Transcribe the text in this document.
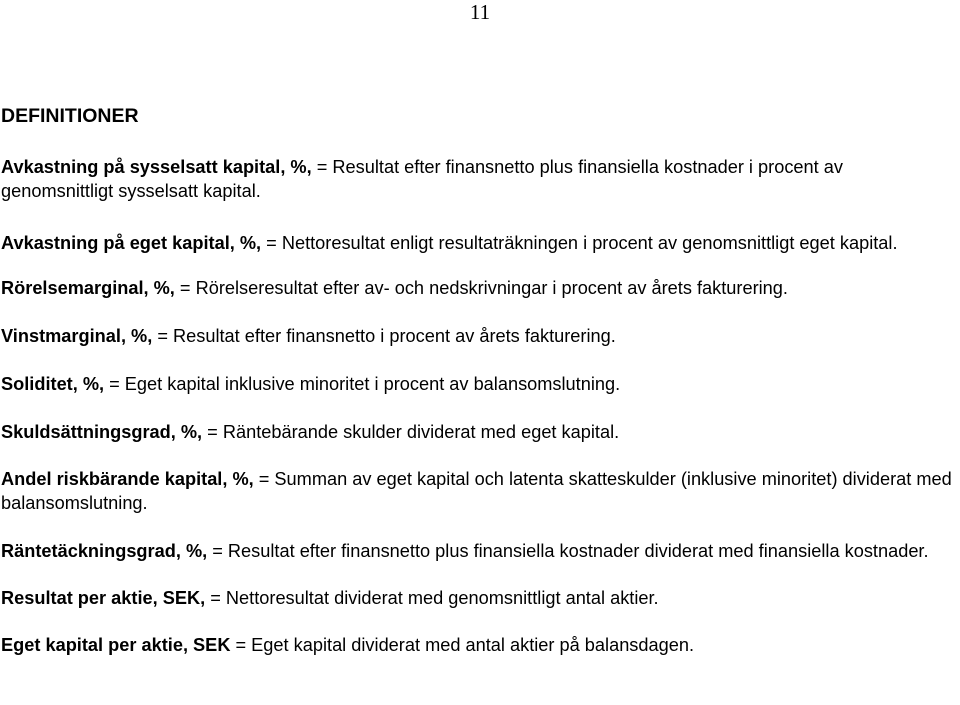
11
DEFINITIONER

Avkastning på sysselsatt kapital, %, = Resultat efter finansnetto plus finansiella kostnader i procent av genomsnittligt sysselsatt kapital.

Avkastning på eget kapital, %, = Nettoresultat enligt resultaträkningen i procent av genomsnittligt eget kapital.

Rörelsemarginal, %, = Rörelseresultat efter av- och nedskrivningar i procent av årets fakturering.

Vinstmarginal, %, = Resultat efter finansnetto i procent av årets fakturering.

Soliditet, %, = Eget kapital inklusive minoritet i procent av balansomslutning.

Skuldsättningsgrad, %, = Räntebärande skulder dividerat med eget kapital.

Andel riskbärande kapital, %, = Summan av eget kapital och latenta skatteskulder (inklusive minoritet) dividerat med balansomslutning.

Räntetäckningsgrad, %, = Resultat efter finansnetto plus finansiella kostnader dividerat med finansiella kostnader.

Resultat per aktie, SEK, = Nettoresultat dividerat med genomsnittligt antal aktier.

Eget kapital per aktie, SEK = Eget kapital dividerat med antal aktier på balansdagen.
